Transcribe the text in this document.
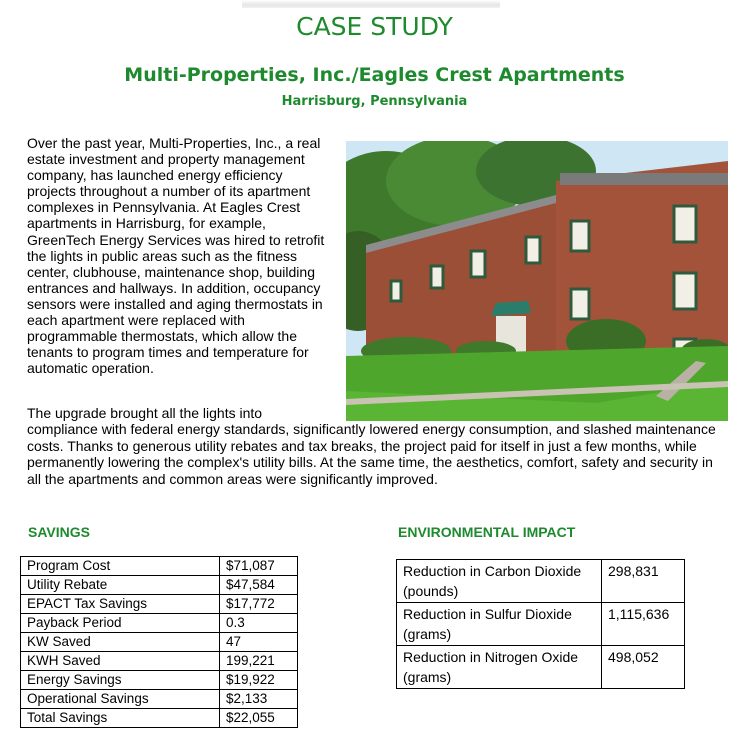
CASE STUDY
Multi-Properties, Inc./Eagles Crest Apartments
Harrisburg, Pennsylvania
Over the past year, Multi-Properties, Inc., a real estate investment and property management company, has launched energy efficiency projects throughout a number of its apartment complexes in Pennsylvania. At Eagles Crest apartments in Harrisburg, for example, GreenTech Energy Services was hired to retrofit the lights in public areas such as the fitness center, clubhouse, maintenance shop, building entrances and hallways. In addition, occupancy sensors were installed and aging thermostats in each apartment were replaced with programmable thermostats, which allow the tenants to program times and temperature for automatic operation.
The upgrade brought all the lights into
compliance with federal energy standards, significantly lowered energy consumption, and slashed maintenance costs. Thanks to generous utility rebates and tax breaks, the project paid for itself in just a few months, while permanently lowering the complex's utility bills. At the same time, the aesthetics, comfort, safety and security in all the apartments and common areas were significantly improved.
SAVINGS	ENVIRONMENTAL IMPACT
Program Cost	$71,087
Utility Rebate	$47,584
EPACT Tax Savings	$17,772
Payback Period	0.3
KW Saved	47
KWH Saved	199,221
Energy Savings	$19,922
Operational Savings	$2,133
Total Savings	$22,055
Reduction in Carbon Dioxide (pounds)	298,831
Reduction in Sulfur Dioxide (grams)	1,115,636
Reduction in Nitrogen Oxide (grams)	498,052
